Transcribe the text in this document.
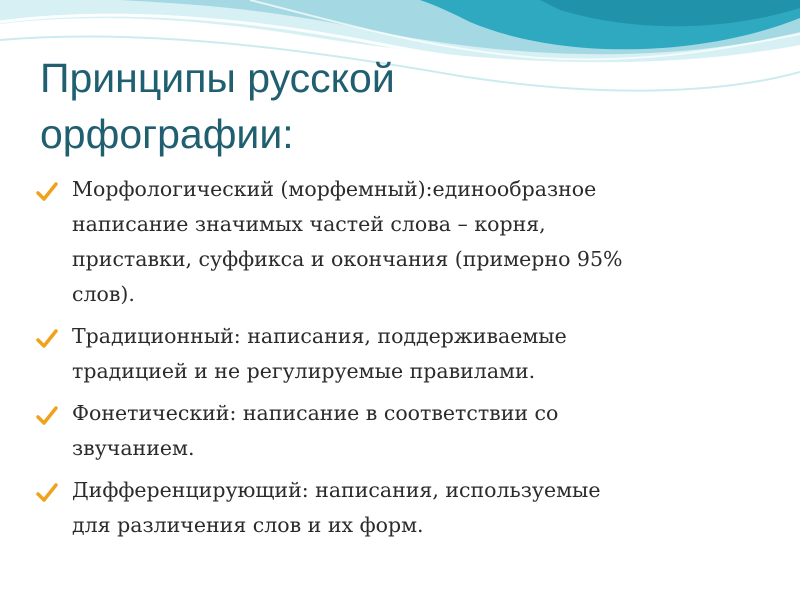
Принципы русской
орфографии:
Морфологический (морфемный):единообразное
написание значимых частей слова – корня,
приставки, суффикса и окончания (примерно 95%
слов).
Традиционный: написания, поддерживаемые
традицией и не регулируемые правилами.
Фонетический: написание в соответствии со
звучанием.
Дифференцирующий: написания, используемые
для различения слов и их форм.
